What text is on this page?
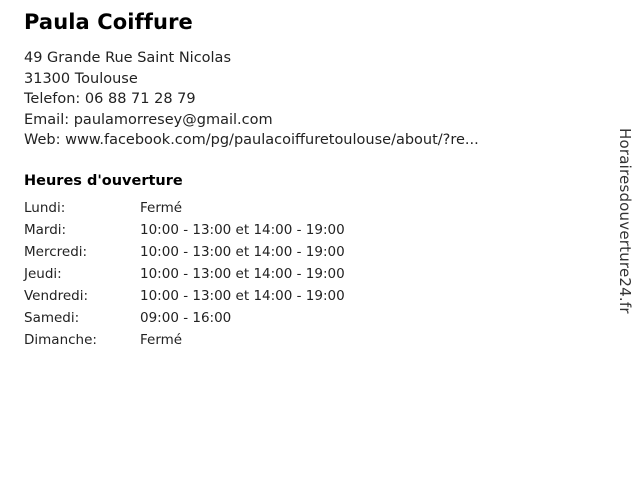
Paula Coiffure
49 Grande Rue Saint Nicolas
31300 Toulouse
Telefon: 06 88 71 28 79
Email: paulamorresey@gmail.com
Web: www.facebook.com/pg/paulacoiffuretoulouse/about/?re...
Heures d'ouverture
Lundi:	Fermé
Mardi:	10:00 - 13:00 et 14:00 - 19:00
Mercredi:	10:00 - 13:00 et 14:00 - 19:00
Jeudi:	10:00 - 13:00 et 14:00 - 19:00
Vendredi:	10:00 - 13:00 et 14:00 - 19:00
Samedi:	09:00 - 16:00
Dimanche:	Fermé
Horairesdouverture24.fr
